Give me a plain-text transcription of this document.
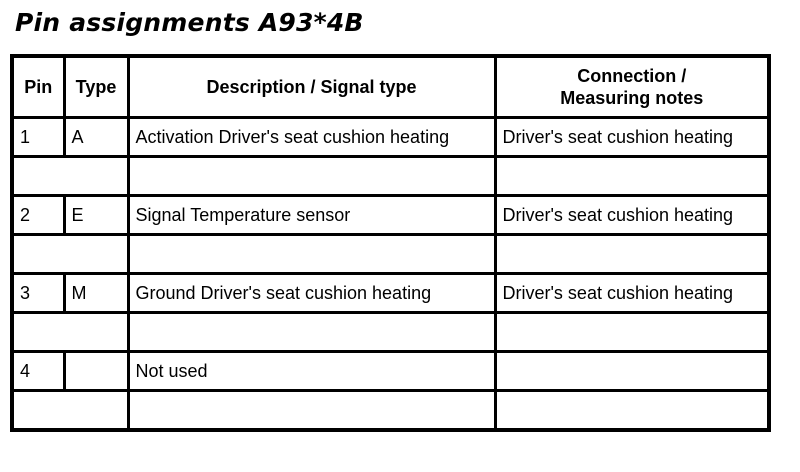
Pin assignments A93*4B
Pin	Type	Description / Signal type	Connection /
Measuring notes

1	A	Activation Driver's seat cushion heating	Driver's seat cushion heating

2	E	Signal Temperature sensor	Driver's seat cushion heating

3	M	Ground Driver's seat cushion heating	Driver's seat cushion heating

4		Not used	
